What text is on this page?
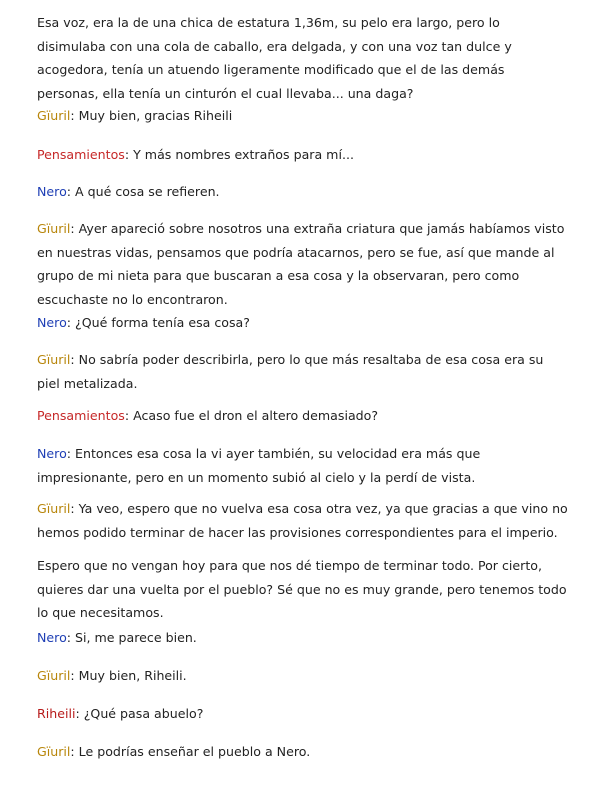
Esa voz, era la de una chica de estatura 1,36m, su pelo era largo, pero lo
disimulaba con una cola de caballo, era delgada, y con una voz tan dulce y
acogedora, tenía un atuendo ligeramente modificado que el de las demás
personas, ella tenía un cinturón el cual llevaba... una daga?

Gïuril: Muy bien, gracias Riheili

Pensamientos: Y más nombres extraños para mí...

Nero: A qué cosa se refieren.

Gïuril: Ayer apareció sobre nosotros una extraña criatura que jamás habíamos visto
en nuestras vidas, pensamos que podría atacarnos, pero se fue, así que mande al
grupo de mi nieta para que buscaran a esa cosa y la observaran, pero como
escuchaste no lo encontraron.

Nero: ¿Qué forma tenía esa cosa?

Gïuril: No sabría poder describirla, pero lo que más resaltaba de esa cosa era su
piel metalizada.

Pensamientos: Acaso fue el dron el altero demasiado?

Nero: Entonces esa cosa la vi ayer también, su velocidad era más que
impresionante, pero en un momento subió al cielo y la perdí de vista.

Gïuril: Ya veo, espero que no vuelva esa cosa otra vez, ya que gracias a que vino no
hemos podido terminar de hacer las provisiones correspondientes para el imperio.

Espero que no vengan hoy para que nos dé tiempo de terminar todo. Por cierto,
quieres dar una vuelta por el pueblo? Sé que no es muy grande, pero tenemos todo
lo que necesitamos.

Nero: Si, me parece bien.

Gïuril: Muy bien, Riheili.

Riheili: ¿Qué pasa abuelo?

Gïuril: Le podrías enseñar el pueblo a Nero.
